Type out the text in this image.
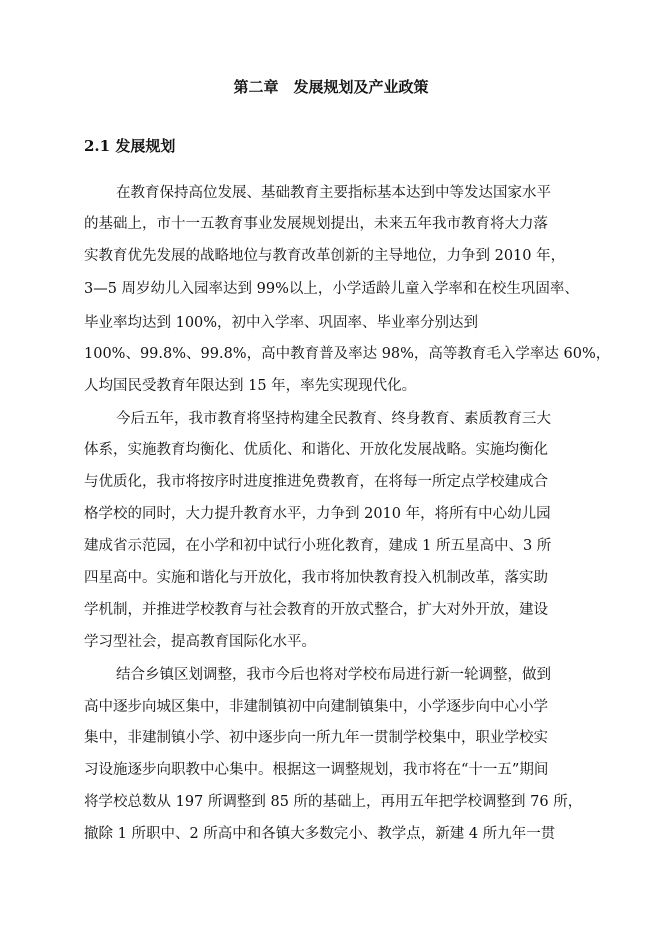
第二章　发展规划及产业政策
2.1 发展规划
在教育保持高位发展、基础教育主要指标基本达到中等发达国家水平
的基础上，市十一五教育事业发展规划提出，未来五年我市教育将大力落
实教育优先发展的战略地位与教育改革创新的主导地位，力争到 2010 年，
3—5 周岁幼儿入园率达到 99%以上，小学适龄儿童入学率和在校生巩固率、
毕业率均达到 100%，初中入学率、巩固率、毕业率分别达到
100%、99.8%、99.8%，高中教育普及率达 98%，高等教育毛入学率达 60%，
人均国民受教育年限达到 15 年，率先实现现代化。
今后五年，我市教育将坚持构建全民教育、终身教育、素质教育三大
体系，实施教育均衡化、优质化、和谐化、开放化发展战略。实施均衡化
与优质化，我市将按序时进度推进免费教育，在将每一所定点学校建成合
格学校的同时，大力提升教育水平，力争到 2010 年，将所有中心幼儿园
建成省示范园，在小学和初中试行小班化教育，建成 1 所五星高中、3 所
四星高中。实施和谐化与开放化，我市将加快教育投入机制改革，落实助
学机制，并推进学校教育与社会教育的开放式整合，扩大对外开放，建设
学习型社会，提高教育国际化水平。
结合乡镇区划调整，我市今后也将对学校布局进行新一轮调整，做到
高中逐步向城区集中，非建制镇初中向建制镇集中，小学逐步向中心小学
集中，非建制镇小学、初中逐步向一所九年一贯制学校集中，职业学校实
习设施逐步向职教中心集中。根据这一调整规划，我市将在“十一五”期间
将学校总数从 197 所调整到 85 所的基础上，再用五年把学校调整到 76 所，
撤除 1 所职中、2 所高中和各镇大多数完小、教学点，新建 4 所九年一贯
